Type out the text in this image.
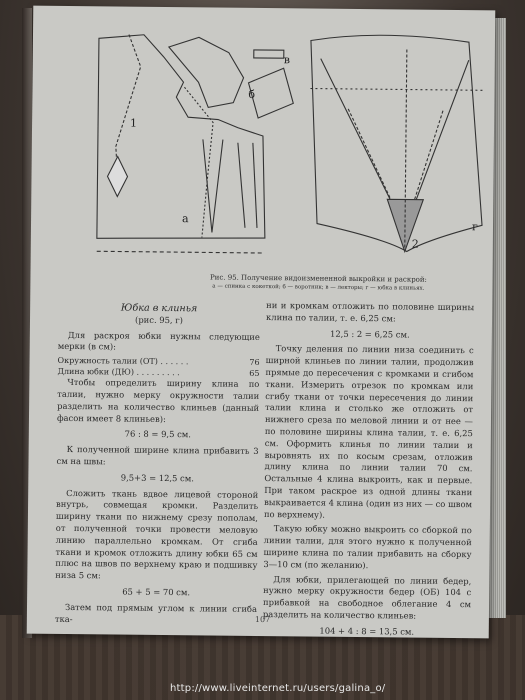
a
б
в
г
1
2
Рис. 95. Получение видоизмененной выкройки и раскрой:
а — спинка с кокеткой; б — воротник; в — лекторы; г — юбка в клиньях.

Юбка в клинья

(рис. 95, г)

Для раскроя юбки нужны следующие мерки (в см):

Окружность талии (ОТ) . . . . . .	76
Длина юбки (ДЮ) . . . . . . . . .	65

Чтобы определить ширину клина по талии, нужно мерку окружности талии разделить на количество клиньев (данный фасон имеет 8 клиньев):

76 : 8 = 9,5 см.

К полученной ширине клина прибавить 3 см на швы:

9,5+3 = 12,5 см.

Сложить ткань вдвое лицевой стороной внутрь, совмещая кромки. Разделить ширину ткани по нижнему срезу пополам, от полученной точки провести меловую линию параллельно кромкам. От сгиба ткани и кромок отложить длину юбки 65 см плюс на швов по верхнему краю и подшивку низа 5 см:

65 + 5 = 70 см.

Затем под прямым углом к линии сгиба тка-

ни и кромкам отложить по половине ширины клина по талии, т. е. 6,25 см:

12,5 : 2 = 6,25 см.

Точку деления по линии низа соединить с ширной клиньев по линии талии, продолжив прямые до пересечения с кромками и сгибом ткани. Измерить отрезок по кромкам или сгибу ткани от точки пересечения до линии талии клина и столько же отложить от нижнего среза по меловой линии и от нее — по половине ширины клина талии, т. е. 6,25 см. Оформить клинья по линии талии и выровнять их по косым срезам, отложив длину клина по линии талии 70 см. Остальные 4 клина выкроить, как и первые. При таком раскрое из одной длины ткани выкраивается 4 клина (один из них — со швом по верхнему).

Такую юбку можно выкроить со сборкой по линии талии, для этого нужно к полученной ширине клина по талии прибавить на сборку 3—10 см (по желанию).

Для юбки, прилегающей по линии бедер, нужно мерку окружности бедер (ОБ) 104 с прибавкой на свободное облегание 4 см разделить на количество клиньев:

104 + 4 : 8 = 13,5 см.

107
http://www.liveinternet.ru/users/galina_o/
